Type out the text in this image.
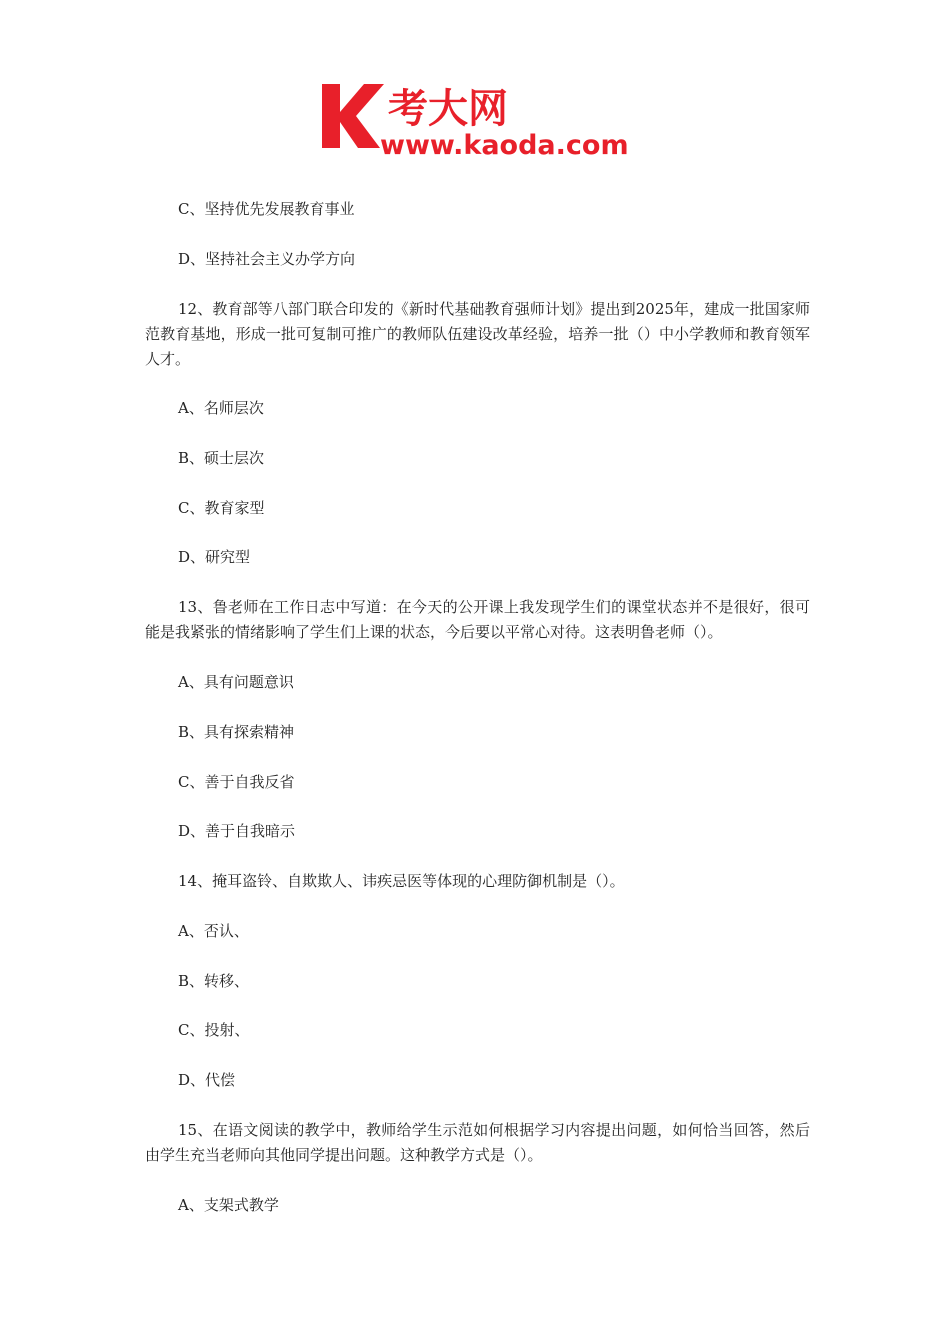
考大网
www.kaoda.com

C、坚持优先发展教育事业

D、坚持社会主义办学方向

12、教育部等八部门联合印发的《新时代基础教育强师计划》提出到2025年，建成一批国家师范教育基地，形成一批可复制可推广的教师队伍建设改革经验，培养一批（）中小学教师和教育领军人才。

A、名师层次

B、硕士层次

C、教育家型

D、研究型

13、鲁老师在工作日志中写道：在今天的公开课上我发现学生们的课堂状态并不是很好，很可能是我紧张的情绪影响了学生们上课的状态，今后要以平常心对待。这表明鲁老师（）。

A、具有问题意识

B、具有探索精神

C、善于自我反省

D、善于自我暗示

14、掩耳盗铃、自欺欺人、讳疾忌医等体现的心理防御机制是（）。

A、否认、

B、转移、

C、投射、

D、代偿

15、在语文阅读的教学中，教师给学生示范如何根据学习内容提出问题，如何恰当回答，然后由学生充当老师向其他同学提出问题。这种教学方式是（）。

A、支架式教学
